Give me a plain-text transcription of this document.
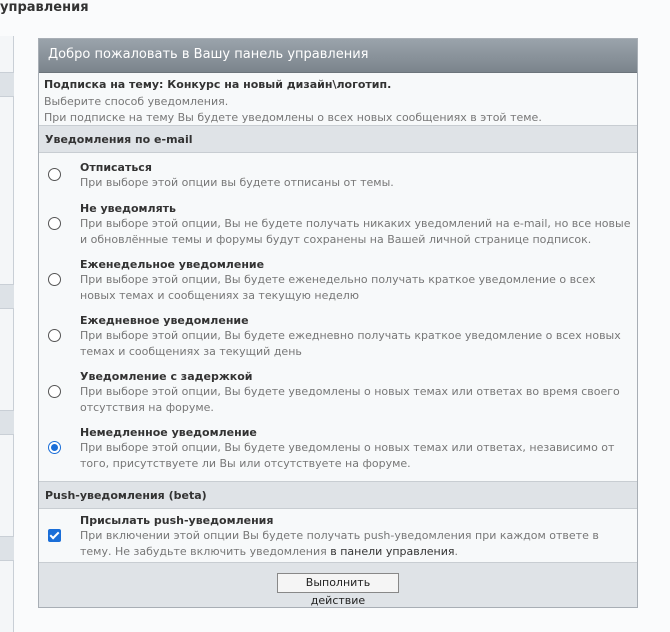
управления
Добро пожаловать в Вашу панель управления
Подписка на тему: Конкурс на новый дизайн\логотип.
Выберите способ уведомления.
При подписке на тему Вы будете уведомлены о всех новых сообщениях в этой теме.
Уведомления по e-mail
Отписаться
При выборе этой опции вы будете отписаны от темы.
Не уведомлять
При выборе этой опции, Вы не будете получать никаких уведомлений на e-mail, но все новые и обновлённые темы и форумы будут сохранены на Вашей личной странице подписок.
Еженедельное уведомление
При выборе этой опции, Вы будете еженедельно получать краткое уведомление о всех новых темах и сообщениях за текущую неделю
Ежедневное уведомление
При выборе этой опции, Вы будете ежедневно получать краткое уведомление о всех новых темах и сообщениях за текущий день
Уведомление с задержкой
При выборе этой опции, Вы будете уведомлены о новых темах или ответах во время своего отсутствия на форуме.
Немедленное уведомление
При выборе этой опции, Вы будете уведомлены о новых темах или ответах, независимо от того, присутствуете ли Вы или отсутствуете на форуме.
Push-уведомления (beta)
Присылать push-уведомления
При включении этой опции Вы будете получать push-уведомления при каждом ответе в тему. Не забудьте включить уведомления в панели управления.
Выполнить действие
